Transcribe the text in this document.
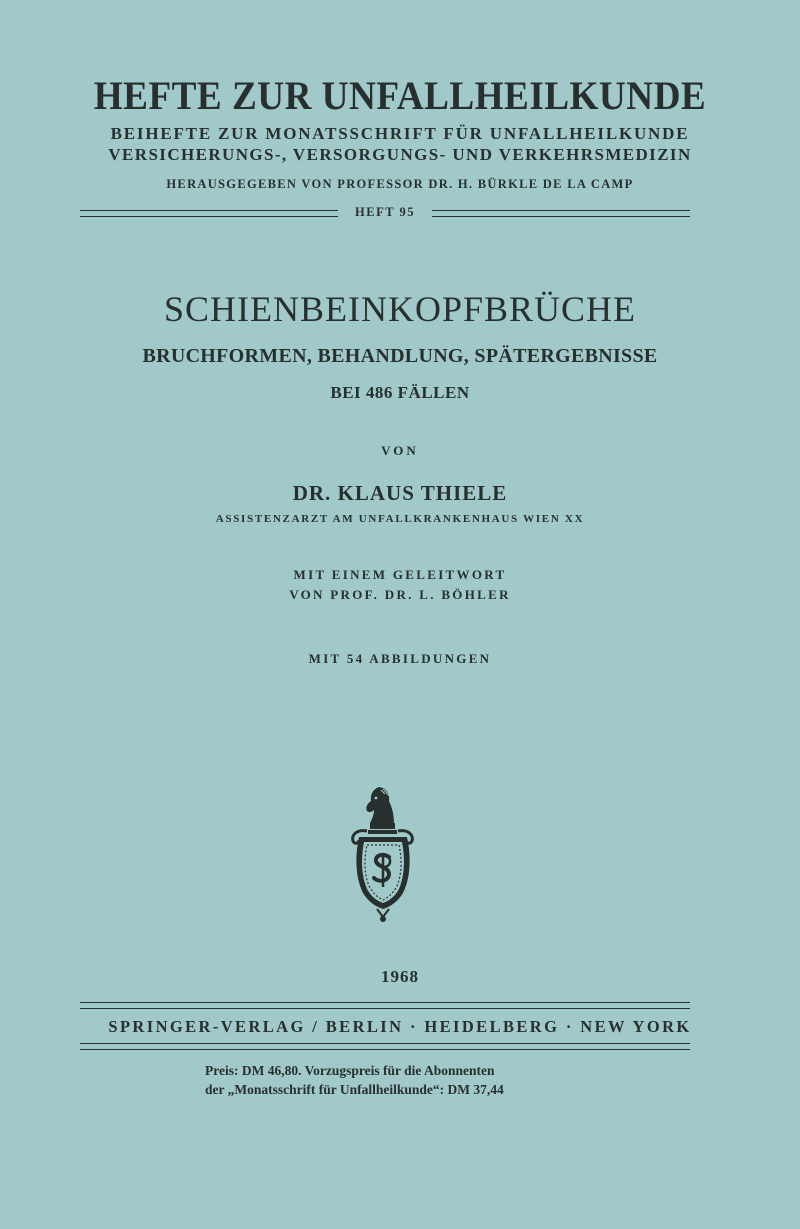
HEFTE ZUR UNFALLHEILKUNDE
BEIHEFTE ZUR MONATSSCHRIFT FÜR UNFALLHEILKUNDE
VERSICHERUNGS-, VERSORGUNGS- UND VERKEHRSMEDIZIN
HERAUSGEGEBEN VON PROFESSOR DR. H. BÜRKLE DE LA CAMP
HEFT 95
SCHIENBEINKOPFBRÜCHE
BRUCHFORMEN, BEHANDLUNG, SPÄTERGEBNISSE
BEI 486 FÄLLEN
VON
DR. KLAUS THIELE
ASSISTENZARZT AM UNFALLKRANKENHAUS WIEN XX
MIT EINEM GELEITWORT
VON PROF. DR. L. BÖHLER
MIT 54 ABBILDUNGEN
1968
SPRINGER-VERLAG / BERLIN · HEIDELBERG · NEW YORK
Preis: DM 46,80. Vorzugspreis für die Abonnenten
der „Monatsschrift für Unfallheilkunde“: DM 37,44
